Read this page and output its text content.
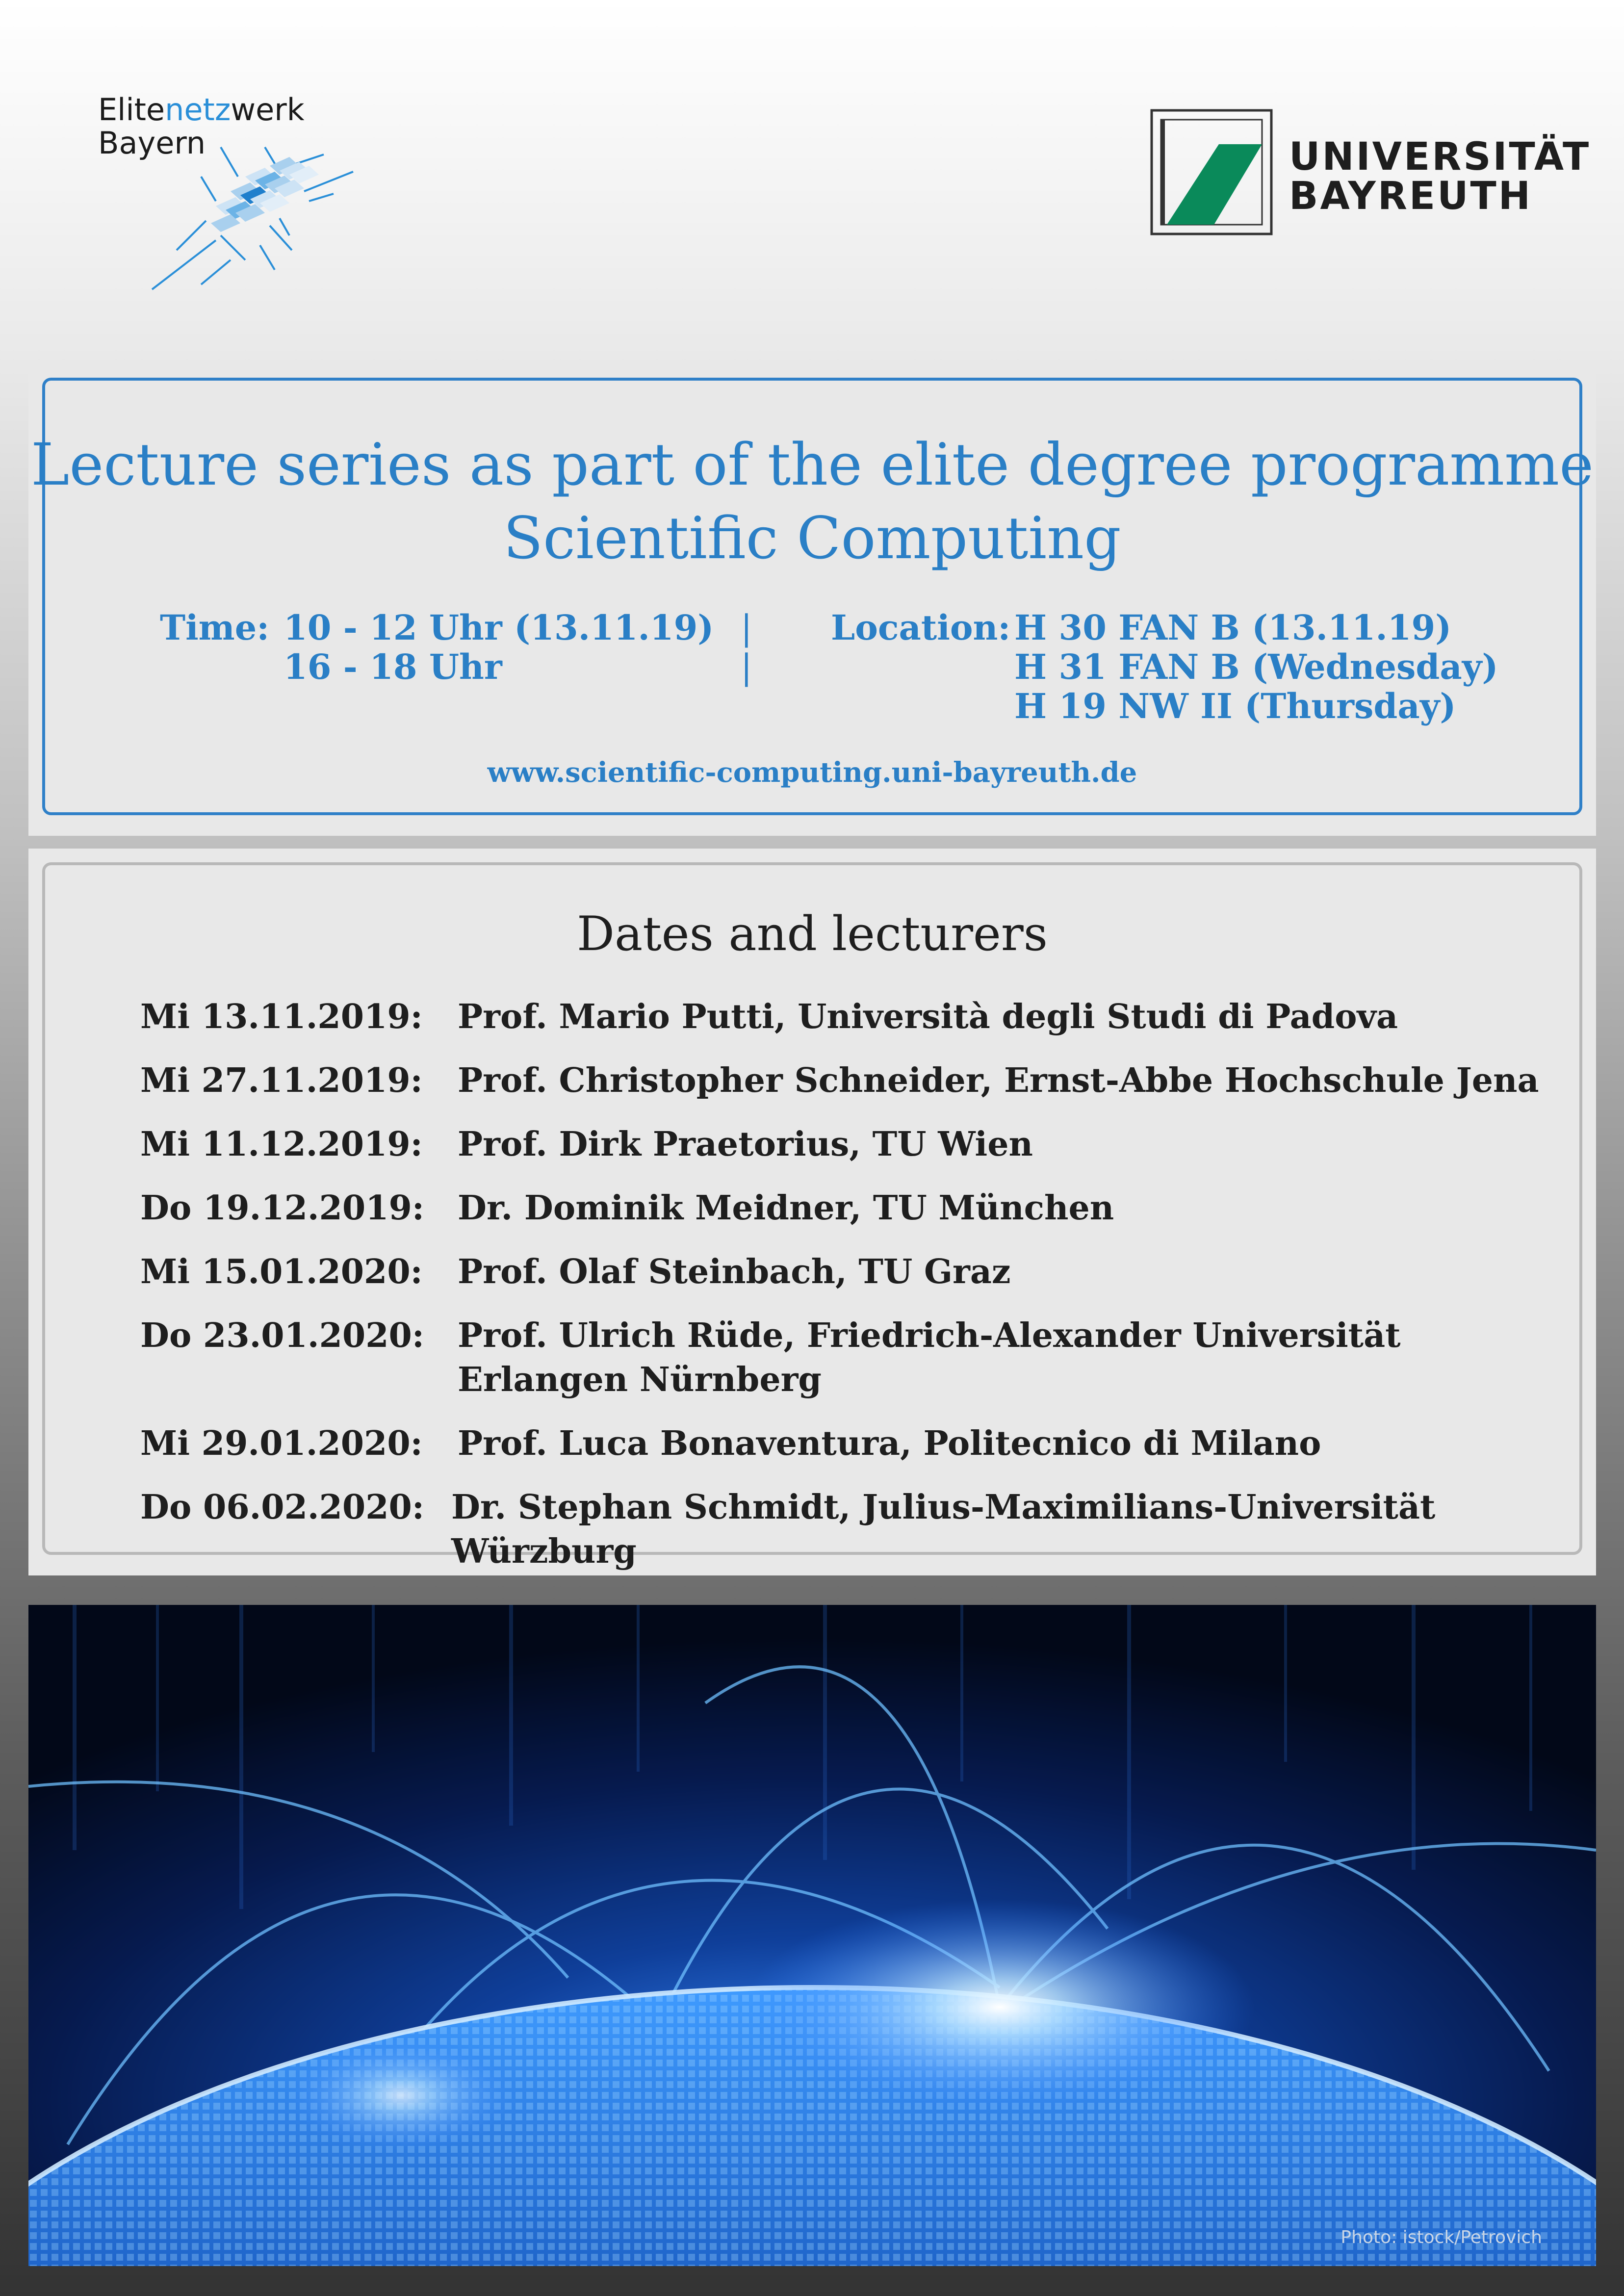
Elitenetzwerk
Bayern	UNIVERSITÄT
BAYREUTH
Lecture series as part of the elite degree programme
Scientific Computing
Time: 10 - 12 Uhr (13.11.19)
16 - 18 Uhr
|
|
Location: H 30 FAN B (13.11.19)
H 31 FAN B (Wednesday)
H 19 NW II (Thursday)
www.scientific-computing.uni-bayreuth.de
Dates and lecturers
Mi 13.11.2019: Prof. Mario Putti, Università degli Studi di Padova
Mi 27.11.2019: Prof. Christopher Schneider, Ernst-Abbe Hochschule Jena
Mi 11.12.2019: Prof. Dirk Praetorius, TU Wien
Do 19.12.2019: Dr. Dominik Meidner, TU München
Mi 15.01.2020: Prof. Olaf Steinbach, TU Graz
Do 23.01.2020: Prof. Ulrich Rüde, Friedrich-Alexander Universität Erlangen Nürnberg
Mi 29.01.2020: Prof. Luca Bonaventura, Politecnico di Milano
Do 06.02.2020: Dr. Stephan Schmidt, Julius-Maximilians-Universität Würzburg
Photo: istock/Petrovich
